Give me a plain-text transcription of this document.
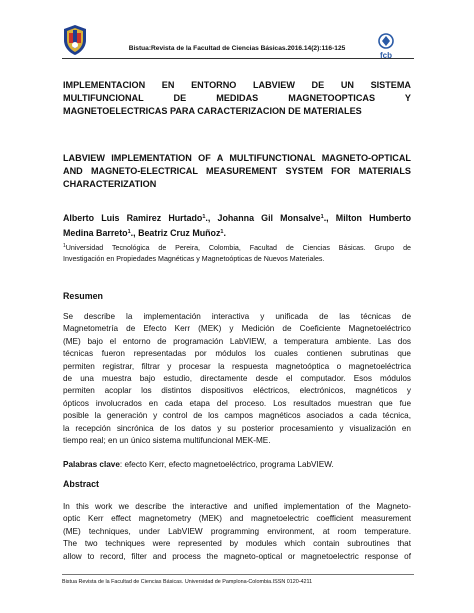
Bistua:Revista de la Facultad de Ciencias Básicas.2016.14(2):116-125
fcb
IMPLEMENTACION EN ENTORNO LABVIEW DE UN SISTEMA
MULTIFUNCIONAL DE MEDIDAS MAGNETOOPTICAS Y
MAGNETOELECTRICAS PARA CARACTERIZACION DE MATERIALES
LABVIEW IMPLEMENTATION OF A MULTIFUNCTIONAL MAGNETO-OPTICAL
AND MAGNETO-ELECTRICAL MEASUREMENT SYSTEM FOR MATERIALS
CHARACTERIZATION
Alberto Luis Ramirez Hurtado$^1$., Johanna Gil Monsalve$^1$., Milton Humberto
Medina Barreto$^1$., Beatriz Cruz Muñoz$^1$.
$^1$Universidad Tecnológica de Pereira, Colombia, Facultad de Ciencias Básicas. Grupo de
Investigación en Propiedades Magnéticas y Magnetoópticas de Nuevos Materiales.
Resumen
Se describe la implementación interactiva y unificada de las técnicas de
Magnetometría de Efecto Kerr (MEK) y Medición de Coeficiente Magnetoeléctrico
(ME) bajo el entorno de programación LabVIEW, a temperatura ambiente. Las dos
técnicas fueron representadas por módulos los cuales contienen subrutinas que
permiten registrar, filtrar y procesar la respuesta magnetoóptica o magnetoeléctrica
de una muestra bajo estudio, directamente desde el computador. Esos módulos
permiten acoplar los distintos dispositivos eléctricos, electrónicos, magnéticos y
ópticos involucrados en cada etapa del proceso. Los resultados muestran que fue
posible la generación y control de los campos magnéticos asociados a cada técnica,
la recepción sincrónica de los datos y su posterior procesamiento y visualización en
tiempo real; en un único sistema multifuncional MEK-ME.
Palabras clave: efecto Kerr, efecto magnetoeléctrico, programa LabVIEW.
Abstract
In this work we describe the interactive and unified implementation of the Magneto-
optic Kerr effect magnetometry (MEK) and magnetoelectric coefficient measurement
(ME) techniques, under LabVIEW programming environment, at room temperature.
The two techniques were represented by modules which contain subroutines that
allow to record, filter and process the magneto-optical or magnetoelectric response of
Bistua Revista de la Facultad de Ciencias Básicas. Universidad de Pamplona-Colombia.ISSN 0120-4211
